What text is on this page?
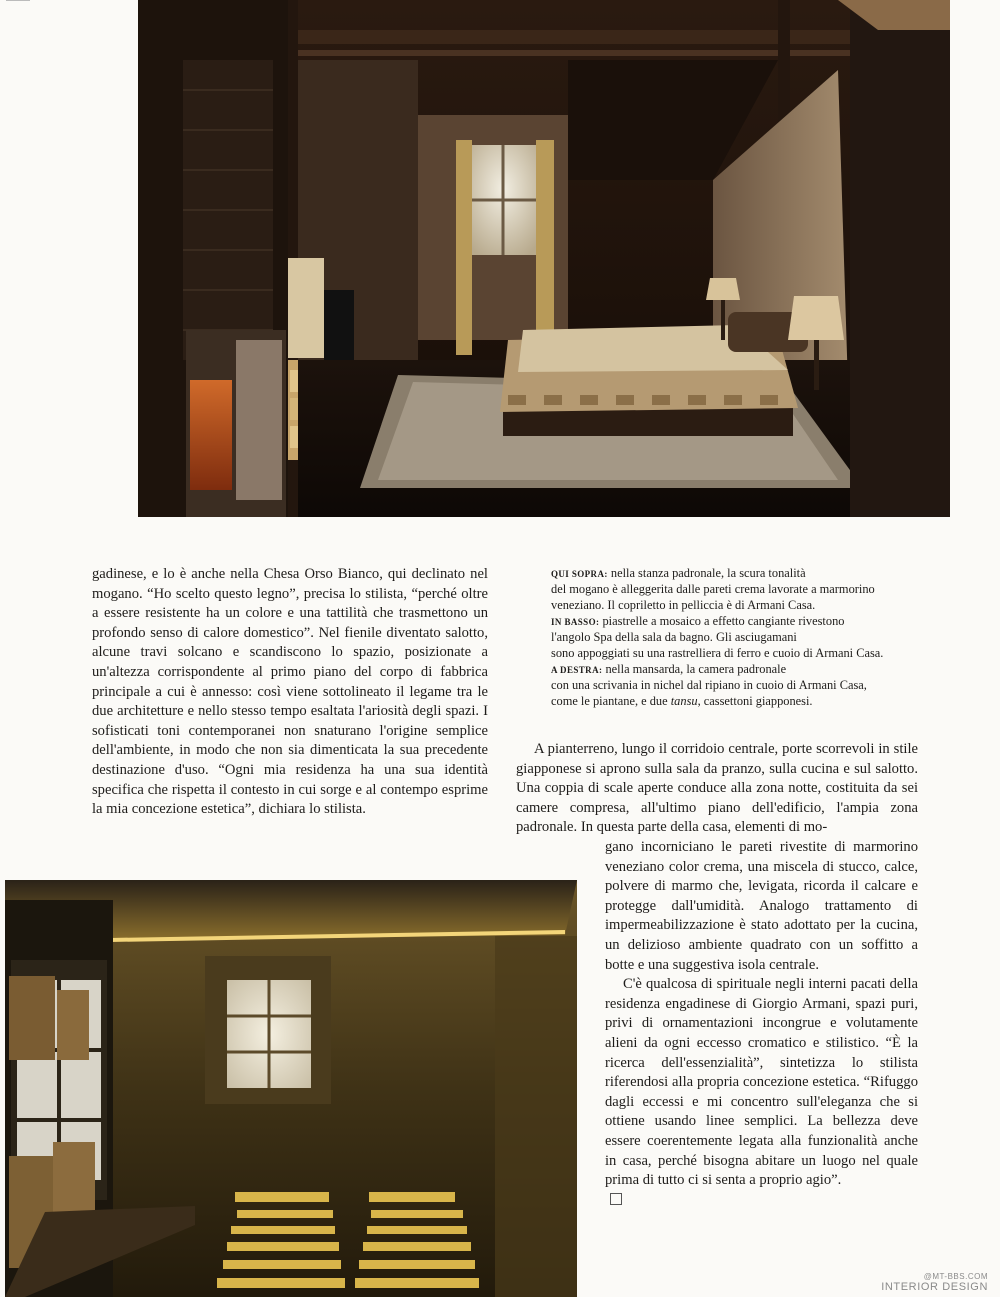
QUI SOPRA: nella stanza padronale, la scura tonalità
del mogano è alleggerita dalle pareti crema lavorate a marmorino
veneziano. Il copriletto in pelliccia è di Armani Casa.

IN BASSO: piastrelle a mosaico a effetto cangiante rivestono
l'angolo Spa della sala da bagno. Gli asciugamani
sono appoggiati su una rastrelliera di ferro e cuoio di Armani Casa.

A DESTRA: nella mansarda, la camera padronale
con una scrivania in nichel dal ripiano in cuoio di Armani Casa,
come le piantane, e due tansu, cassettoni giapponesi.

gadinese, e lo è anche nella Chesa Orso Bianco, qui declinato nel mogano. “Ho scelto questo legno”, precisa lo stilista, “perché oltre a essere resistente ha un colore e una tattilità che trasmettono un profondo senso di calore domestico”. Nel fienile diventato salotto, alcune travi solcano e scandiscono lo spazio, posizionate a un'altezza corrispondente al primo piano del corpo di fabbrica principale a cui è annesso: così viene sottolineato il legame tra le due architetture e nello stesso tempo esaltata l'ariosità degli spazi. I sofisticati toni contemporanei non snaturano l'origine semplice dell'ambiente, in modo che non sia dimenticata la sua precedente destinazione d'uso. “Ogni mia residenza ha una sua identità specifica che rispetta il contesto in cui sorge e al contempo esprime la mia concezione estetica”, dichiara lo stilista.

A pianterreno, lungo il corridoio centrale, porte scorrevoli in stile giapponese si aprono sulla sala da pranzo, sulla cucina e sul salotto. Una coppia di scale aperte conduce alla zona notte, costituita da sei camere compresa, all'ultimo piano dell'edificio, l'ampia zona padronale. In questa parte della casa, elementi di mo-

gano incorniciano le pareti rivestite di marmorino veneziano color crema, una miscela di stucco, calce, polvere di marmo che, levigata, ricorda il calcare e protegge dall'umidità. Analogo trattamento di impermeabilizzazione è stato adottato per la cucina, un delizioso ambiente quadrato con un soffitto a botte e una suggestiva isola centrale.
C'è qualcosa di spirituale negli interni pacati della residenza engadinese di Giorgio Armani, spazi puri, privi di ornamentazioni incongrue e volutamente alieni da ogni eccesso cromatico e stilistico. “È la ricerca dell'essenzialità”, sintetizza lo stilista riferendosi alla propria concezione estetica. “Rifuggo dagli eccessi e mi concentro sull'eleganza che si ottiene usando linee semplici. La bellezza deve essere coerentemente legata alla funzionalità anche in casa, perché bisogna abitare un luogo nel quale prima di tutto ci si senta a proprio agio”.
@MT-BBS.COM
INTERIOR DESIGN
